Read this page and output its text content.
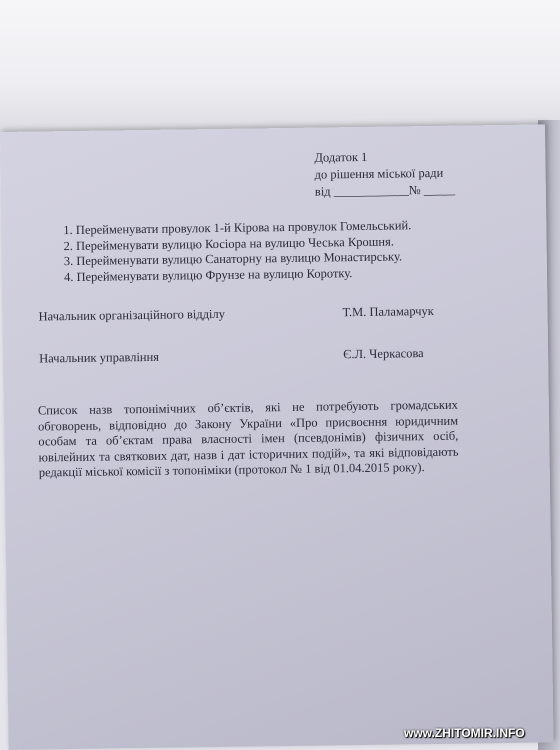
Додаток 1
до рішення міської ради
від ____________№ _____
1. Перейменувати провулок 1-й Кірова на провулок Гомельський.
2. Перейменувати вулицю Косіора на вулицю Чеська Крошня.
3. Перейменувати вулицю Санаторну на вулицю Монастирську.
4. Перейменувати вулицю Фрунзе на вулицю Коротку.
Начальник організаційного відділу	Т.М. Паламарчук
Начальник управління	Є.Л. Черкасова
Список назв топонімічних об’єктів, які не потребують громадських обговорень, відповідно до Закону України «Про присвоєння юридичним особам та об’єктам права власності імен (псевдонімів) фізичних осіб, ювілейних та святкових дат, назв і дат історичних подій», та які відповідають редакції міської комісії з топоніміки (протокол № 1 від 01.04.2015 року).
www.ZHITOMIR.INFO
